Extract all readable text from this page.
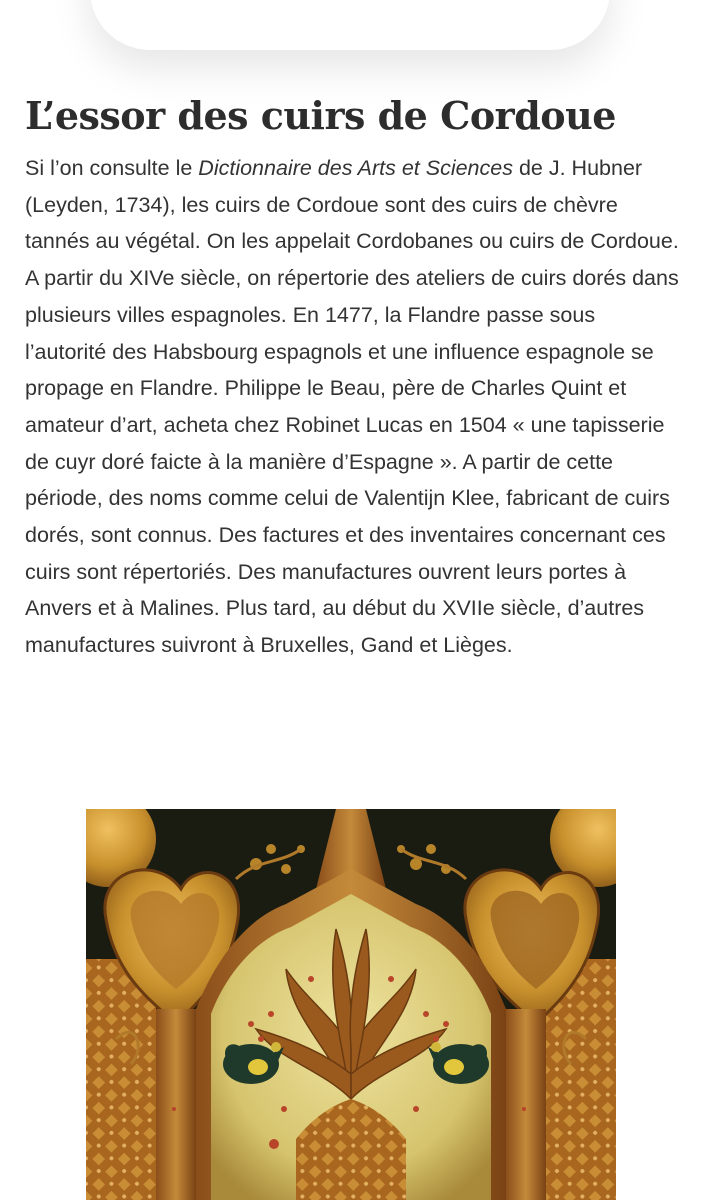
L’essor des cuirs de Cordoue

Si l’on consulte le Dictionnaire des Arts et Sciences de J. Hubner (Leyden, 1734), les cuirs de Cordoue sont des cuirs de chèvre tannés au végétal. On les appelait Cordobanes ou cuirs de Cordoue. A partir du XIVe siècle, on répertorie des ateliers de cuirs dorés dans plusieurs villes espagnoles. En 1477, la Flandre passe sous l’autorité des Habsbourg espagnols et une influence espagnole se propage en Flandre. Philippe le Beau, père de Charles Quint et amateur d’art, acheta chez Robinet Lucas en 1504 « une tapisserie de cuyr doré faicte à la manière d’Espagne ». A partir de cette période, des noms comme celui de Valentijn Klee, fabricant de cuirs dorés, sont connus. Des factures et des inventaires concernant ces cuirs sont répertoriés. Des manufactures ouvrent leurs portes à Anvers et à Malines. Plus tard, au début du XVIIe siècle, d’autres manufactures suivront à Bruxelles, Gand et Lièges.
